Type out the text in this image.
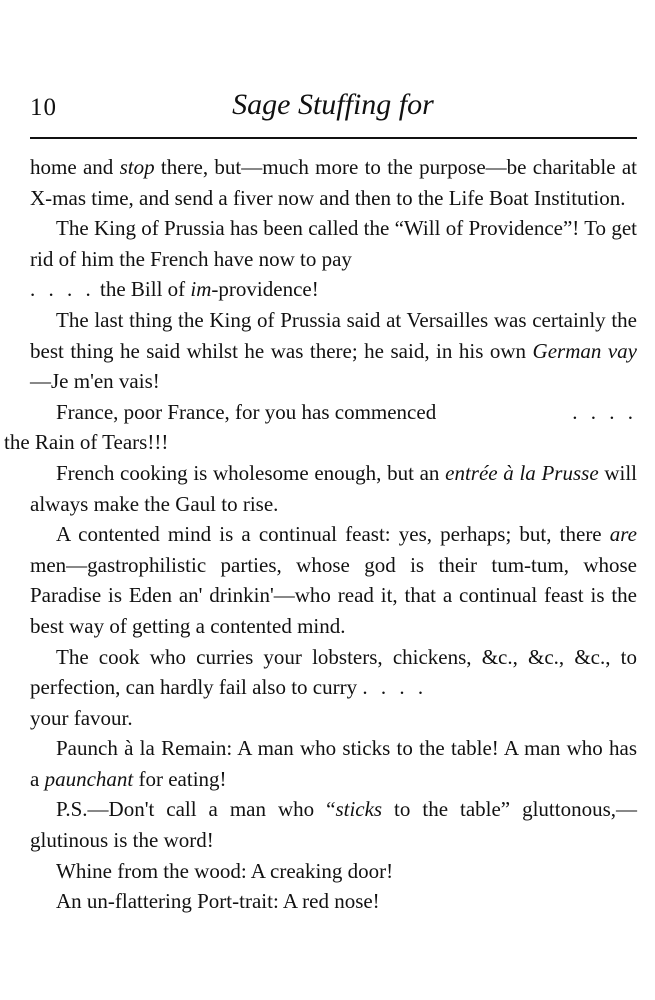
10	Sage Stuffing for

home and stop there, but—much more to the purpose—be charitable at X-mas time, and send a fiver now and then to the Life Boat Institution.

The King of Prussia has been called the “Will of Providence”! To get rid of him the French have now to pay
. . . . the Bill of im-providence!

The last thing the King of Prussia said at Versailles was certainly the best thing he said whilst he was there; he said, in his own German vay—Je m'en vais!

France, poor France, for you has commenced	. . . .
the Rain of Tears!!!

French cooking is wholesome enough, but an entrée à la Prusse will always make the Gaul to rise.

A contented mind is a continual feast: yes, perhaps; but, there are men—gastrophilistic parties, whose god is their tum-tum, whose Paradise is Eden an' drinkin'—who read it, that a continual feast is the best way of getting a contented mind.

The cook who curries your lobsters, chickens, &c., &c., &c., to perfection, can hardly fail also to curry . . . .
your favour.

Paunch à la Remain: A man who sticks to the table! A man who has a paunchant for eating!

P.S.—Don't call a man who “sticks to the table” gluttonous,—glutinous is the word!

Whine from the wood: A creaking door!

An un-flattering Port-trait: A red nose!
